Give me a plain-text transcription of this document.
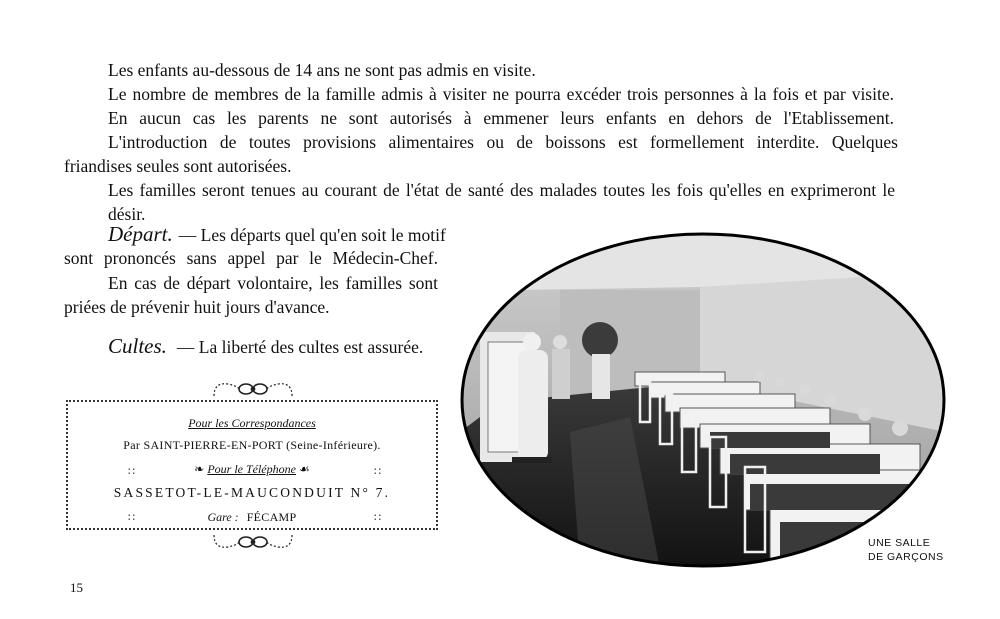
Les enfants au-dessous de 14 ans ne sont pas admis en visite.

Le nombre de membres de la famille admis à visiter ne pourra excéder trois personnes à la fois et par visite.

En aucun cas les parents ne sont autorisés à emmener leurs enfants en dehors de l'Etablissement.

L'introduction de toutes provisions alimentaires ou de boissons est formellement interdite. Quelques

friandises seules sont autorisées.

Les familles seront tenues au courant de l'état de santé des malades toutes les fois qu'elles en exprimeront le désir.

Départ. — Les départs quel qu'en soit le motif

sont prononcés sans appel par le Médecin-Chef.

En cas de départ volontaire, les familles sont

priées de prévenir huit jours d'avance.

Cultes. — La liberté des cultes est assurée.
Pour les Correspondances
Par SAINT-PIERRE-EN-PORT (Seine-Inférieure).
❧ Pour le Téléphone ☙
SASSETOT-LE-MAUCONDUIT N° 7.
Gare : FÉCAMP
∷	∷
∷	∷
UNE SALLE
DE GARÇONS
15
